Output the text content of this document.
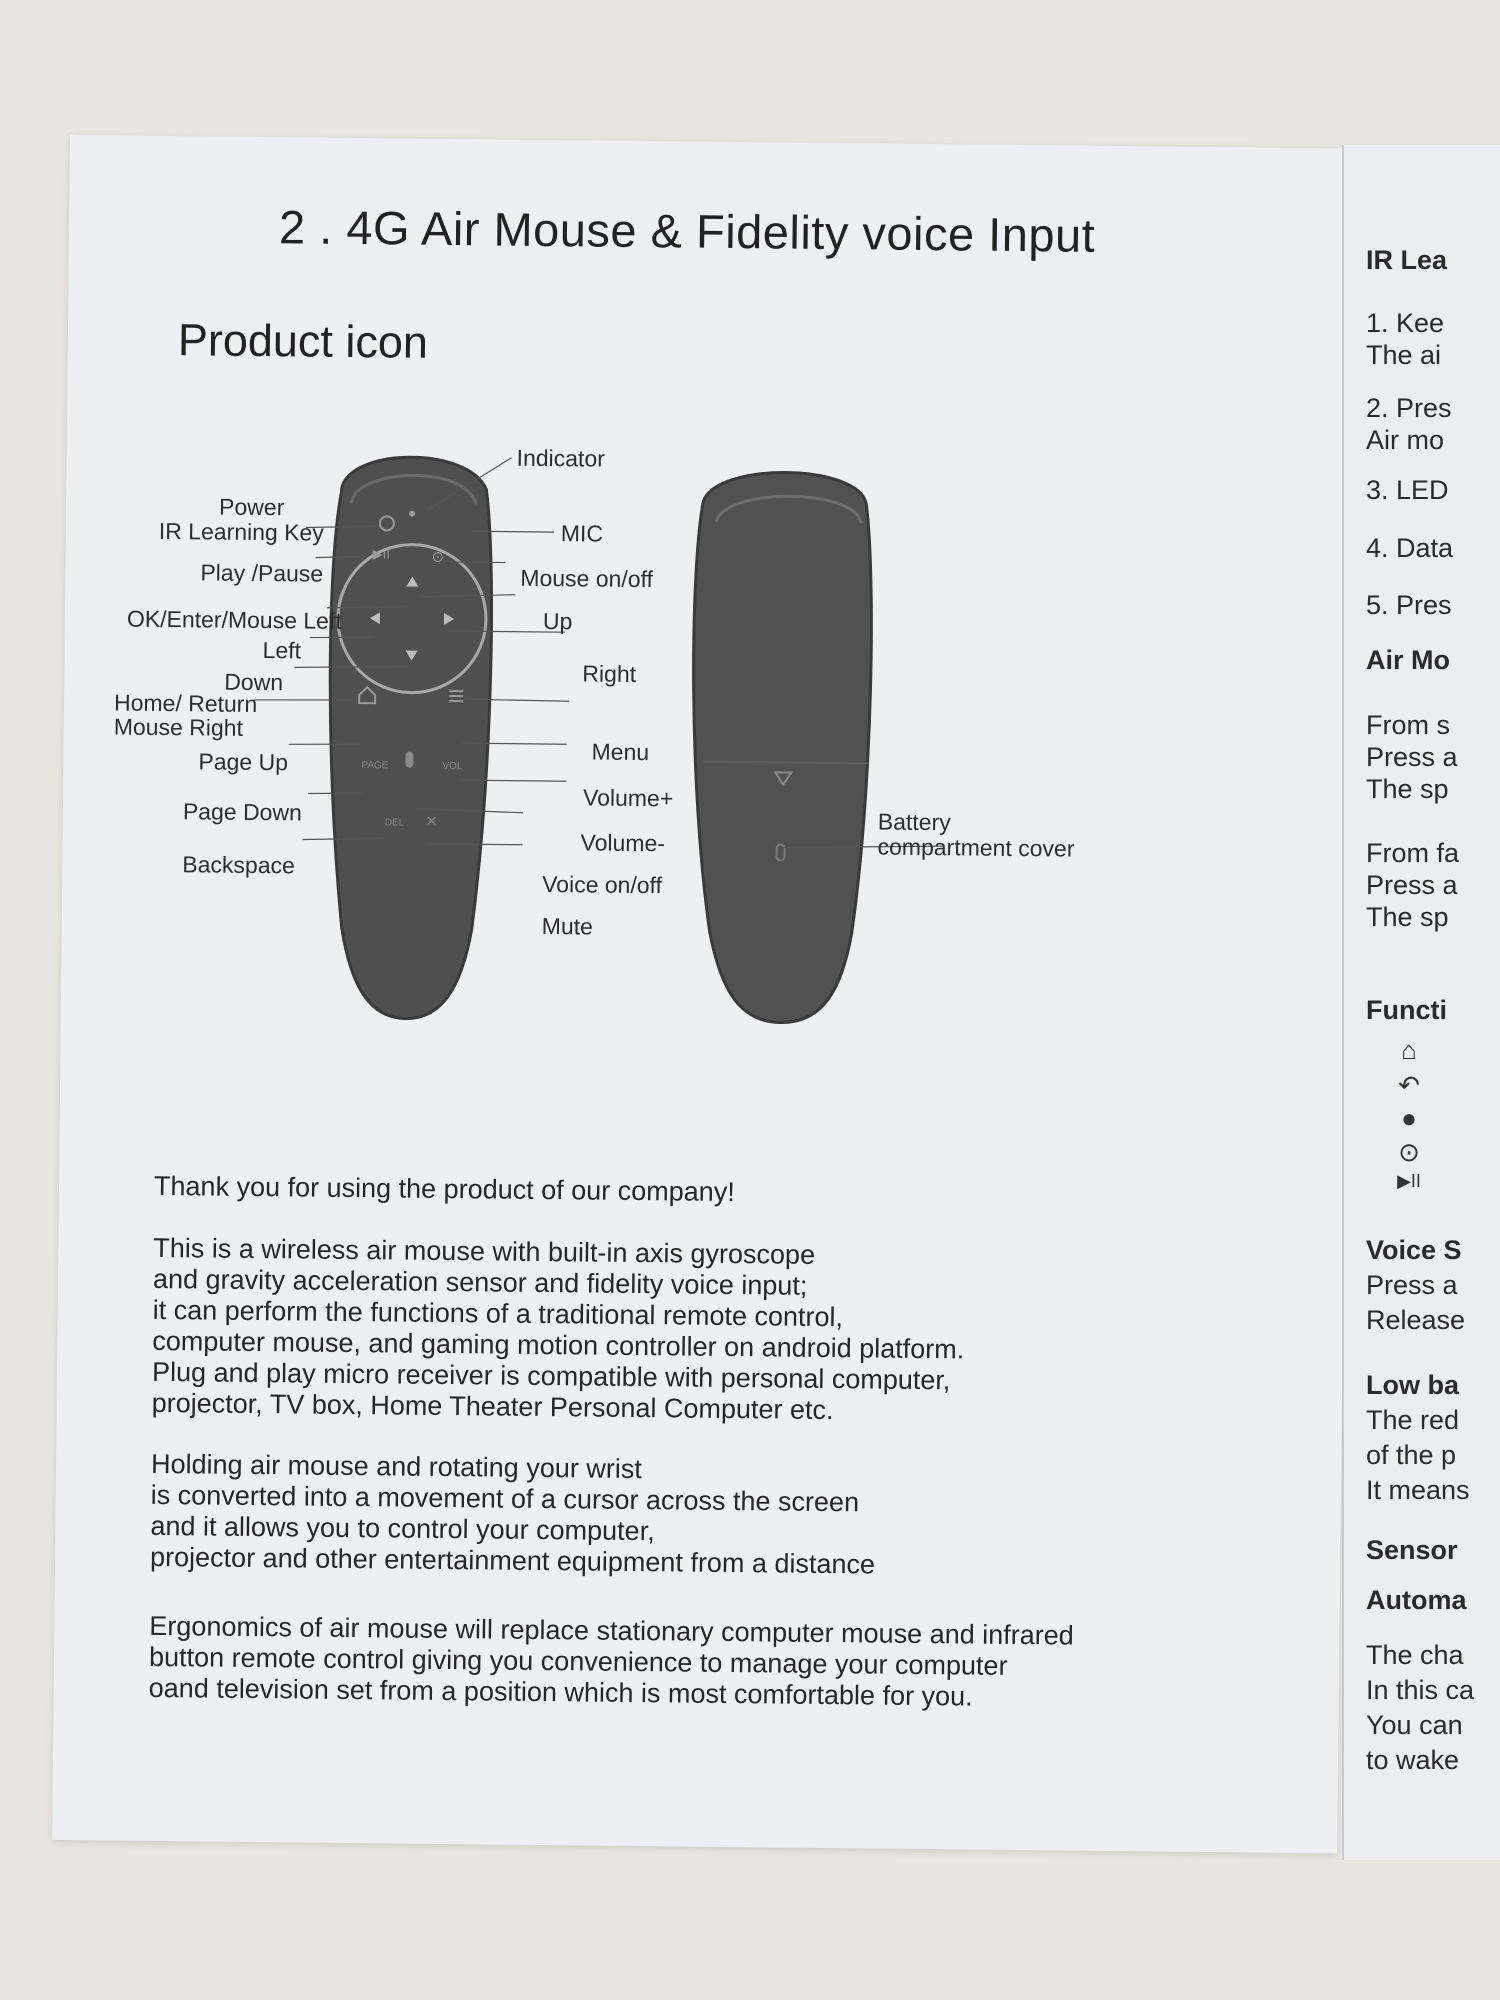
2 . 4G Air Mouse & Fidelity voice Input
Product icon
▶II	⊙
PAGE	VOL
DEL ✕
Power
IR Learning Key
Play /Pause
OK/Enter/Mouse Left
Left
Down
Home/ Return
Mouse Right
Page Up
Page Down
Backspace
Indicator
MIC
Mouse on/off
Up
Right
Menu
Volume+
Volume-
Voice on/off
Mute
Battery
compartment cover
Thank you for using the product of our company!
This is a wireless air mouse with built-in axis gyroscope
and gravity acceleration sensor and fidelity voice input;
it can perform the functions of a traditional remote control,
computer mouse, and gaming motion controller on android platform.
Plug and play micro receiver is compatible with personal computer,
projector, TV box, Home Theater Personal Computer etc.
Holding air mouse and rotating your wrist
is converted into a movement of a cursor across the screen
and it allows you to control your computer,
projector and other entertainment equipment from a distance
Ergonomics of air mouse will replace stationary computer mouse and infrared
button remote control giving you convenience to manage your computer
oand television set from a position which is most comfortable for you.
IR Lea
1. Kee
The ai
2. Pres
Air mo
3. LED
4. Data
5. Pres
Air Mo
From s
Press a
The sp
From fa
Press a
The sp
Functi
⌂
↶
●
⊙
▶II
Voice S
Press a
Release
Low ba
The red
of the p
It means
Sensor
Automa
The cha
In this ca
You can
to wake
